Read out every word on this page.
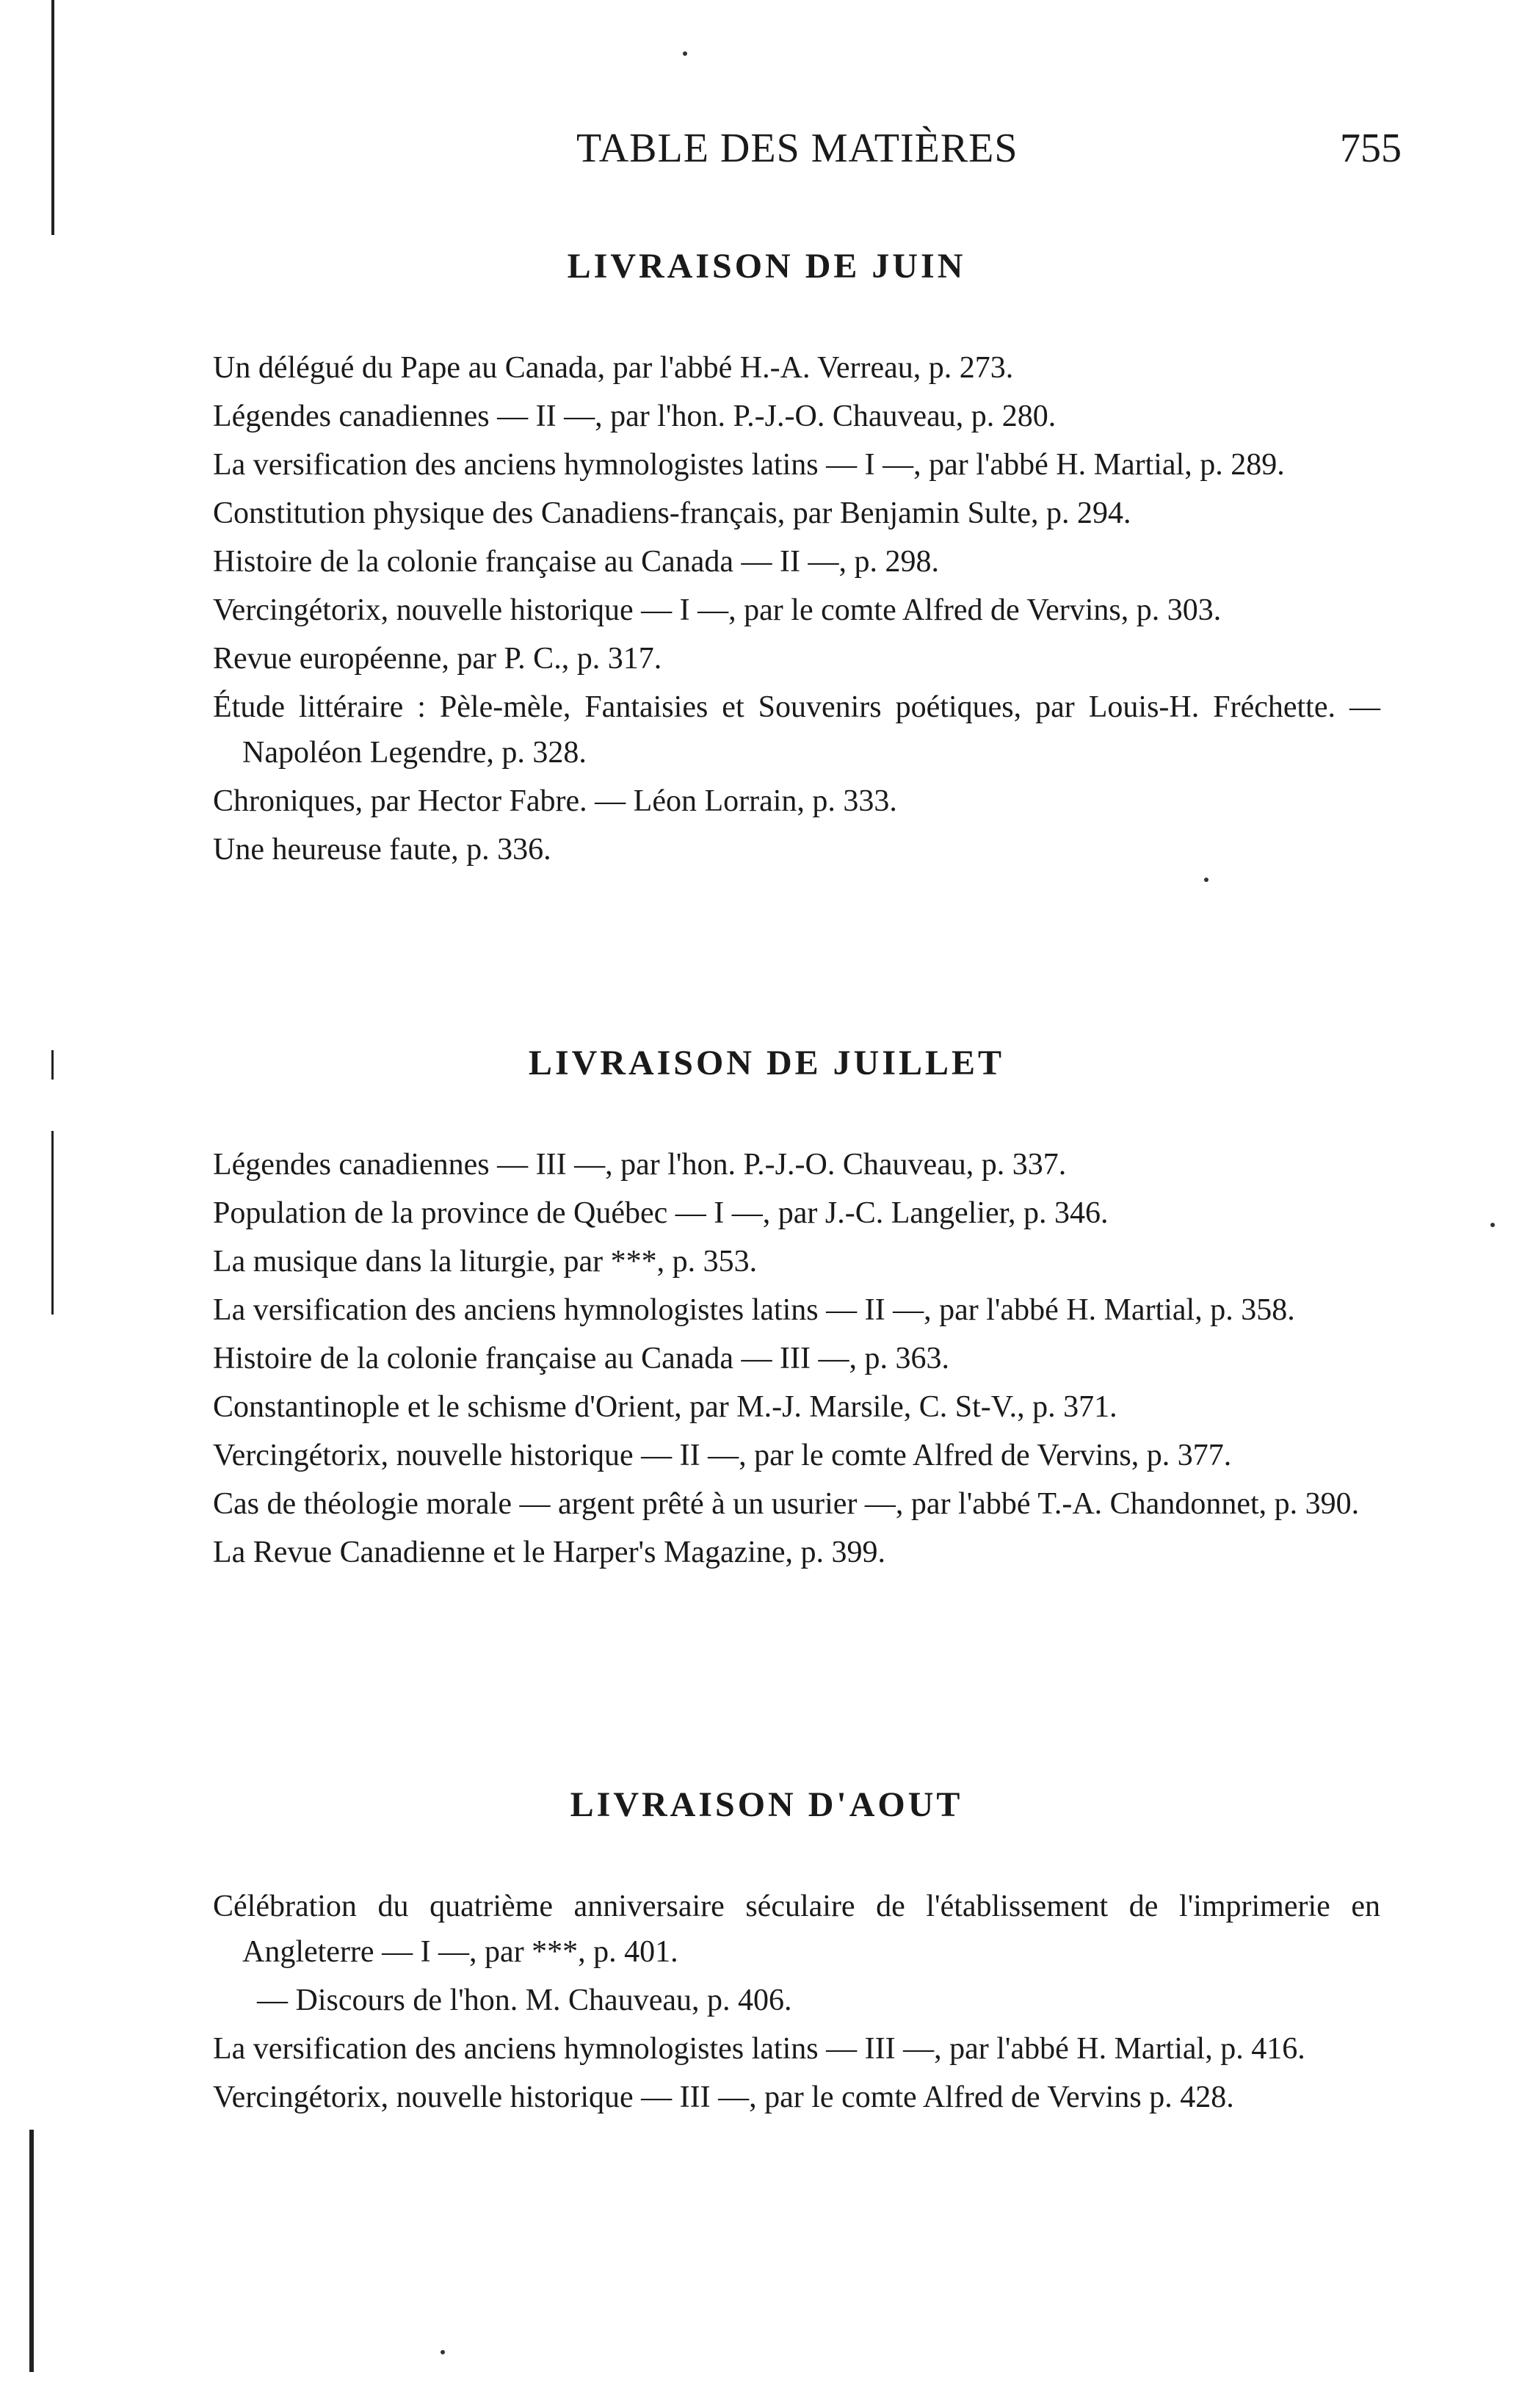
TABLE DES MATIÈRES	755
LIVRAISON DE JUIN

Un délégué du Pape au Canada, par l'abbé H.-A. Verreau, p. 273.

Légendes canadiennes — II —, par l'hon. P.-J.-O. Chauveau, p. 280.

La versification des anciens hymnologistes latins — I —, par l'abbé H. Martial, p. 289.

Constitution physique des Canadiens-français, par Benjamin Sulte, p. 294.

Histoire de la colonie française au Canada — II —, p. 298.

Vercingétorix, nouvelle historique — I —, par le comte Alfred de Vervins, p. 303.

Revue européenne, par P. C., p. 317.

Étude littéraire : Pèle-mèle, Fantaisies et Souvenirs poétiques, par Louis-H. Fréchette. — Napoléon Legendre, p. 328.

Chroniques, par Hector Fabre. — Léon Lorrain, p. 333.

Une heureuse faute, p. 336.

LIVRAISON DE JUILLET

Légendes canadiennes — III —, par l'hon. P.-J.-O. Chauveau, p. 337.

Population de la province de Québec — I —, par J.-C. Langelier, p. 346.

La musique dans la liturgie, par ***, p. 353.

La versification des anciens hymnologistes latins — II —, par l'abbé H. Martial, p. 358.

Histoire de la colonie française au Canada — III —, p. 363.

Constantinople et le schisme d'Orient, par M.-J. Marsile, C. St-V., p. 371.

Vercingétorix, nouvelle historique — II —, par le comte Alfred de Vervins, p. 377.

Cas de théologie morale — argent prêté à un usurier —, par l'abbé T.-A. Chandonnet, p. 390.

La Revue Canadienne et le Harper's Magazine, p. 399.

LIVRAISON D'AOUT

Célébration du quatrième anniversaire séculaire de l'établissement de l'imprimerie en Angleterre — I —, par ***, p. 401.

— Discours de l'hon. M. Chauveau, p. 406.

La versification des anciens hymnologistes latins — III —, par l'abbé H. Martial, p. 416.

Vercingétorix, nouvelle historique — III —, par le comte Alfred de Vervins p. 428.
